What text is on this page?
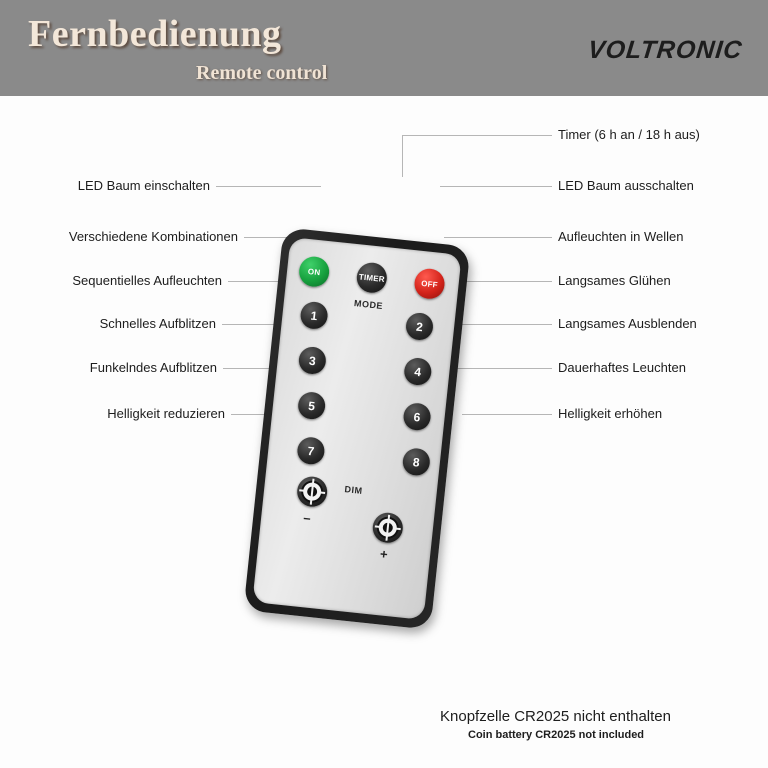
Fernbedienung
Remote control
VOLTRONIC
ON
TIMER
OFF
MODE
1
2
3
4
5
6
7
8
DIM
–
+
Timer (6 h an / 18 h aus)
LED Baum ausschalten
Aufleuchten in Wellen
Langsames Glühen
Langsames Ausblenden
Dauerhaftes Leuchten
Helligkeit erhöhen
LED Baum einschalten
Verschiedene Kombinationen
Sequentielles Aufleuchten
Schnelles Aufblitzen
Funkelndes Aufblitzen
Helligkeit reduzieren
Knopfzelle CR2025 nicht enthalten
Coin battery CR2025 not included
